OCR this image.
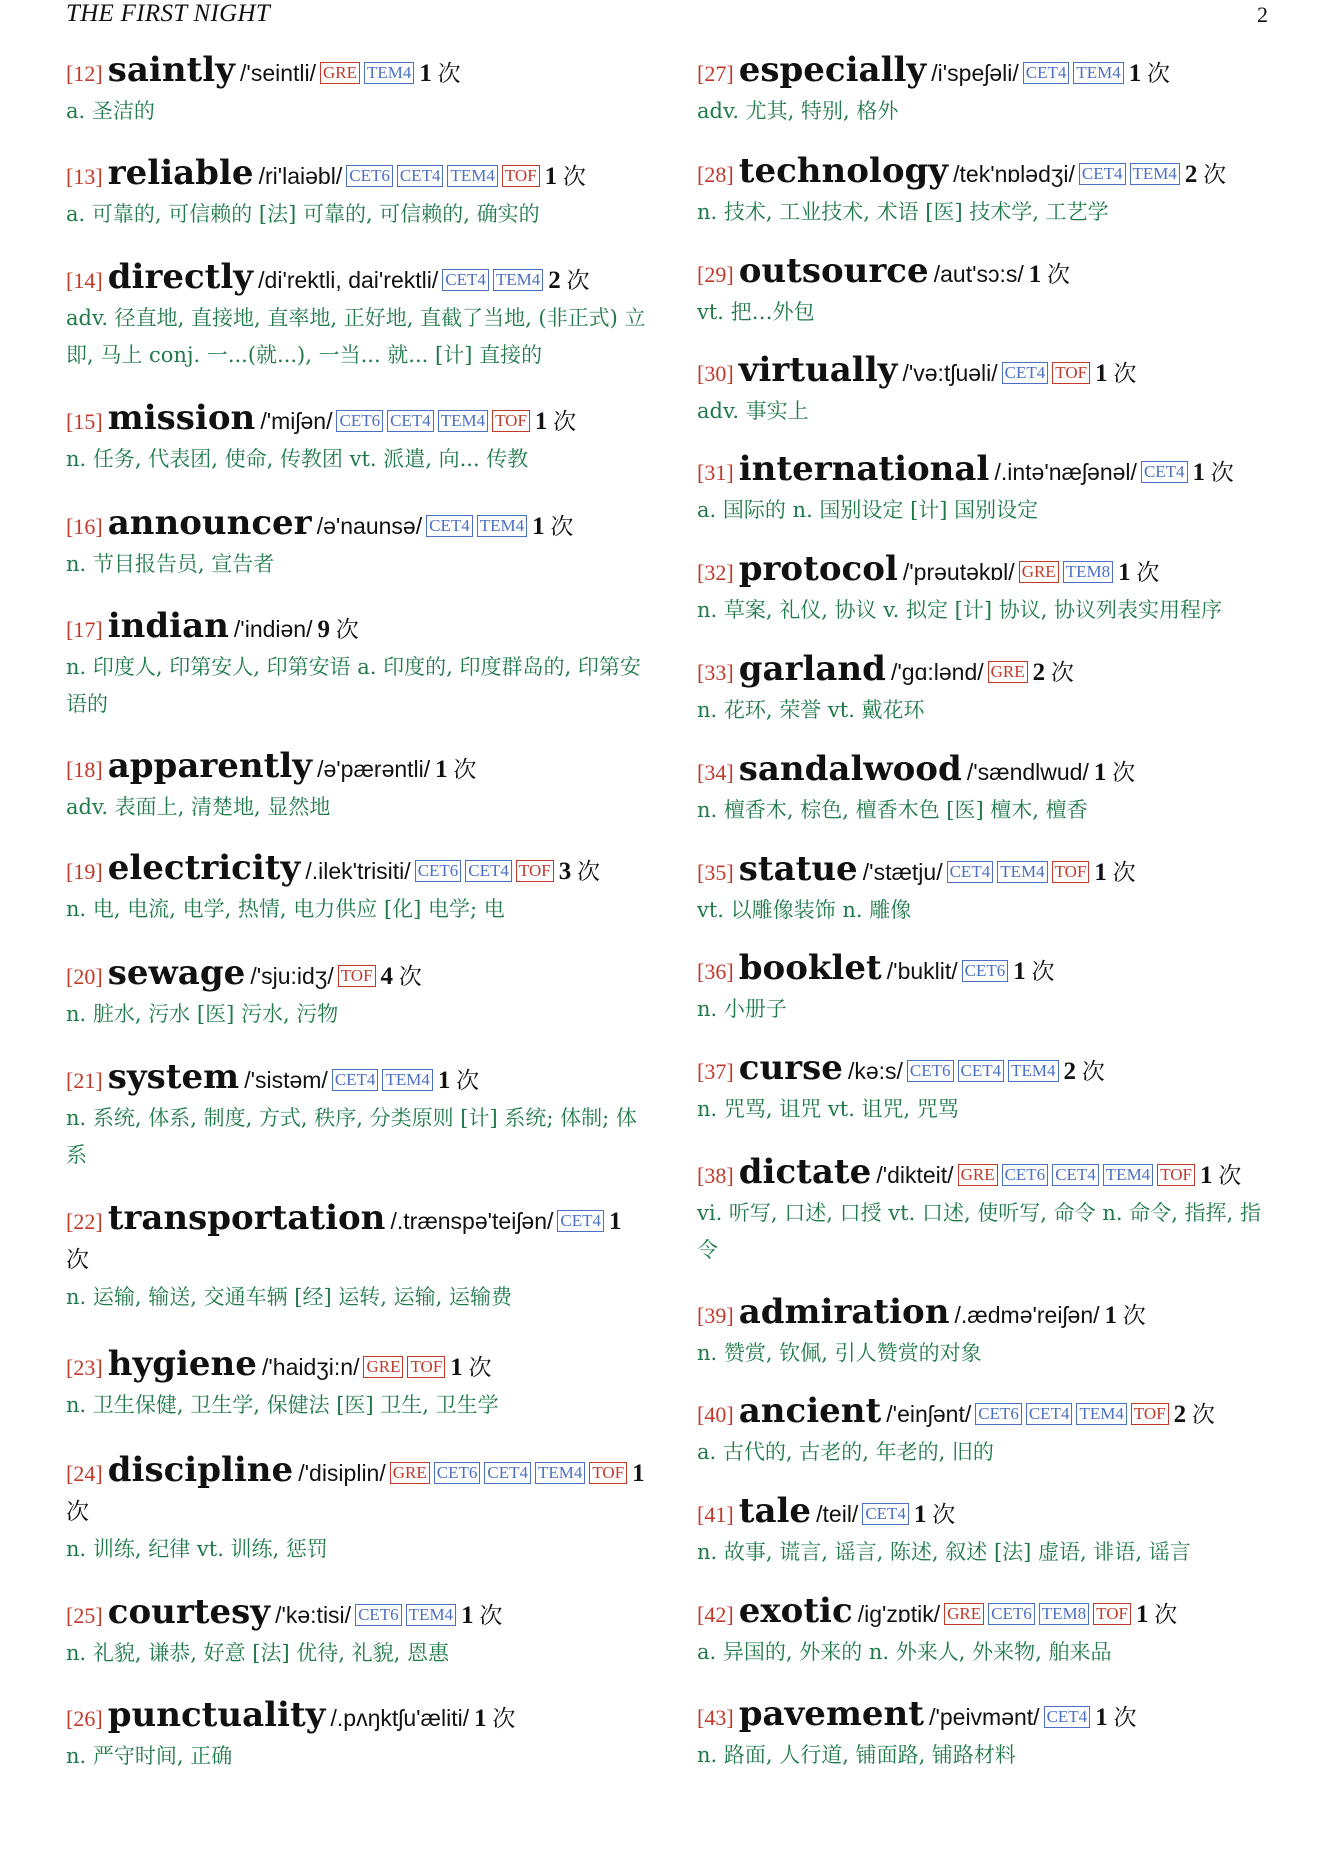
THE FIRST NIGHT	2
[12] saintly /'seintli/ GRE TEM4 1 次
a. 圣洁的
[13] reliable /ri'laiəbl/ CET6 CET4 TEM4 TOF 1 次
a. 可靠的, 可信赖的 [法] 可靠的, 可信赖的, 确实的
[14] directly /di'rektli, dai'rektli/ CET4 TEM4 2 次
adv. 径直地, 直接地, 直率地, 正好地, 直截了当地, (非正式) 立即, 马上 conj. 一...(就...), 一当... 就... [计] 直接的
[15] mission /'miʃən/ CET6 CET4 TEM4 TOF 1 次
n. 任务, 代表团, 使命, 传教团 vt. 派遣, 向... 传教
[16] announcer /ə'naunsə/ CET4 TEM4 1 次
n. 节目报告员, 宣告者
[17] indian /'indiən/ 9 次
n. 印度人, 印第安人, 印第安语 a. 印度的, 印度群岛的, 印第安语的
[18] apparently /ə'pærəntli/ 1 次
adv. 表面上, 清楚地, 显然地
[19] electricity /.ilek'trisiti/ CET6 CET4 TOF 3 次
n. 电, 电流, 电学, 热情, 电力供应 [化] 电学; 电
[20] sewage /'sju:idʒ/ TOF 4 次
n. 脏水, 污水 [医] 污水, 污物
[21] system /'sistəm/ CET4 TEM4 1 次
n. 系统, 体系, 制度, 方式, 秩序, 分类原则 [计] 系统; 体制; 体系
[22] transportation /.trænspə'teiʃən/ CET4 1 次
n. 运输, 输送, 交通车辆 [经] 运转, 运输, 运输费
[23] hygiene /'haidʒi:n/ GRE TOF 1 次
n. 卫生保健, 卫生学, 保健法 [医] 卫生, 卫生学
[24] discipline /'disiplin/ GRE CET6 CET4 TEM4 TOF 1 次
n. 训练, 纪律 vt. 训练, 惩罚
[25] courtesy /'kə:tisi/ CET6 TEM4 1 次
n. 礼貌, 谦恭, 好意 [法] 优待, 礼貌, 恩惠
[26] punctuality /.pʌŋktʃu'æliti/ 1 次
n. 严守时间, 正确
[27] especially /i'speʃəli/ CET4 TEM4 1 次
adv. 尤其, 特别, 格外
[28] technology /tek'nɒlədʒi/ CET4 TEM4 2 次
n. 技术, 工业技术, 术语 [医] 技术学, 工艺学
[29] outsource /aut'sɔ:s/ 1 次
vt. 把…外包
[30] virtually /'və:tʃuəli/ CET4 TOF 1 次
adv. 事实上
[31] international /.intə'næʃənəl/ CET4 1 次
a. 国际的 n. 国别设定 [计] 国别设定
[32] protocol /'prəutəkɒl/ GRE TEM8 1 次
n. 草案, 礼仪, 协议 v. 拟定 [计] 协议, 协议列表实用程序
[33] garland /'gɑ:lənd/ GRE 2 次
n. 花环, 荣誉 vt. 戴花环
[34] sandalwood /'sændlwud/ 1 次
n. 檀香木, 棕色, 檀香木色 [医] 檀木, 檀香
[35] statue /'stætju/ CET4 TEM4 TOF 1 次
vt. 以雕像装饰 n. 雕像
[36] booklet /'buklit/ CET6 1 次
n. 小册子
[37] curse /kə:s/ CET6 CET4 TEM4 2 次
n. 咒骂, 诅咒 vt. 诅咒, 咒骂
[38] dictate /'dikteit/ GRE CET6 CET4 TEM4 TOF 1 次
vi. 听写, 口述, 口授 vt. 口述, 使听写, 命令 n. 命令, 指挥, 指令
[39] admiration /.ædmə'reiʃən/ 1 次
n. 赞赏, 钦佩, 引人赞赏的对象
[40] ancient /'einʃənt/ CET6 CET4 TEM4 TOF 2 次
a. 古代的, 古老的, 年老的, 旧的
[41] tale /teil/ CET4 1 次
n. 故事, 谎言, 谣言, 陈述, 叙述 [法] 虚语, 诽语, 谣言
[42] exotic /ig'zɒtik/ GRE CET6 TEM8 TOF 1 次
a. 异国的, 外来的 n. 外来人, 外来物, 舶来品
[43] pavement /'peivmənt/ CET4 1 次
n. 路面, 人行道, 铺面路, 铺路材料
